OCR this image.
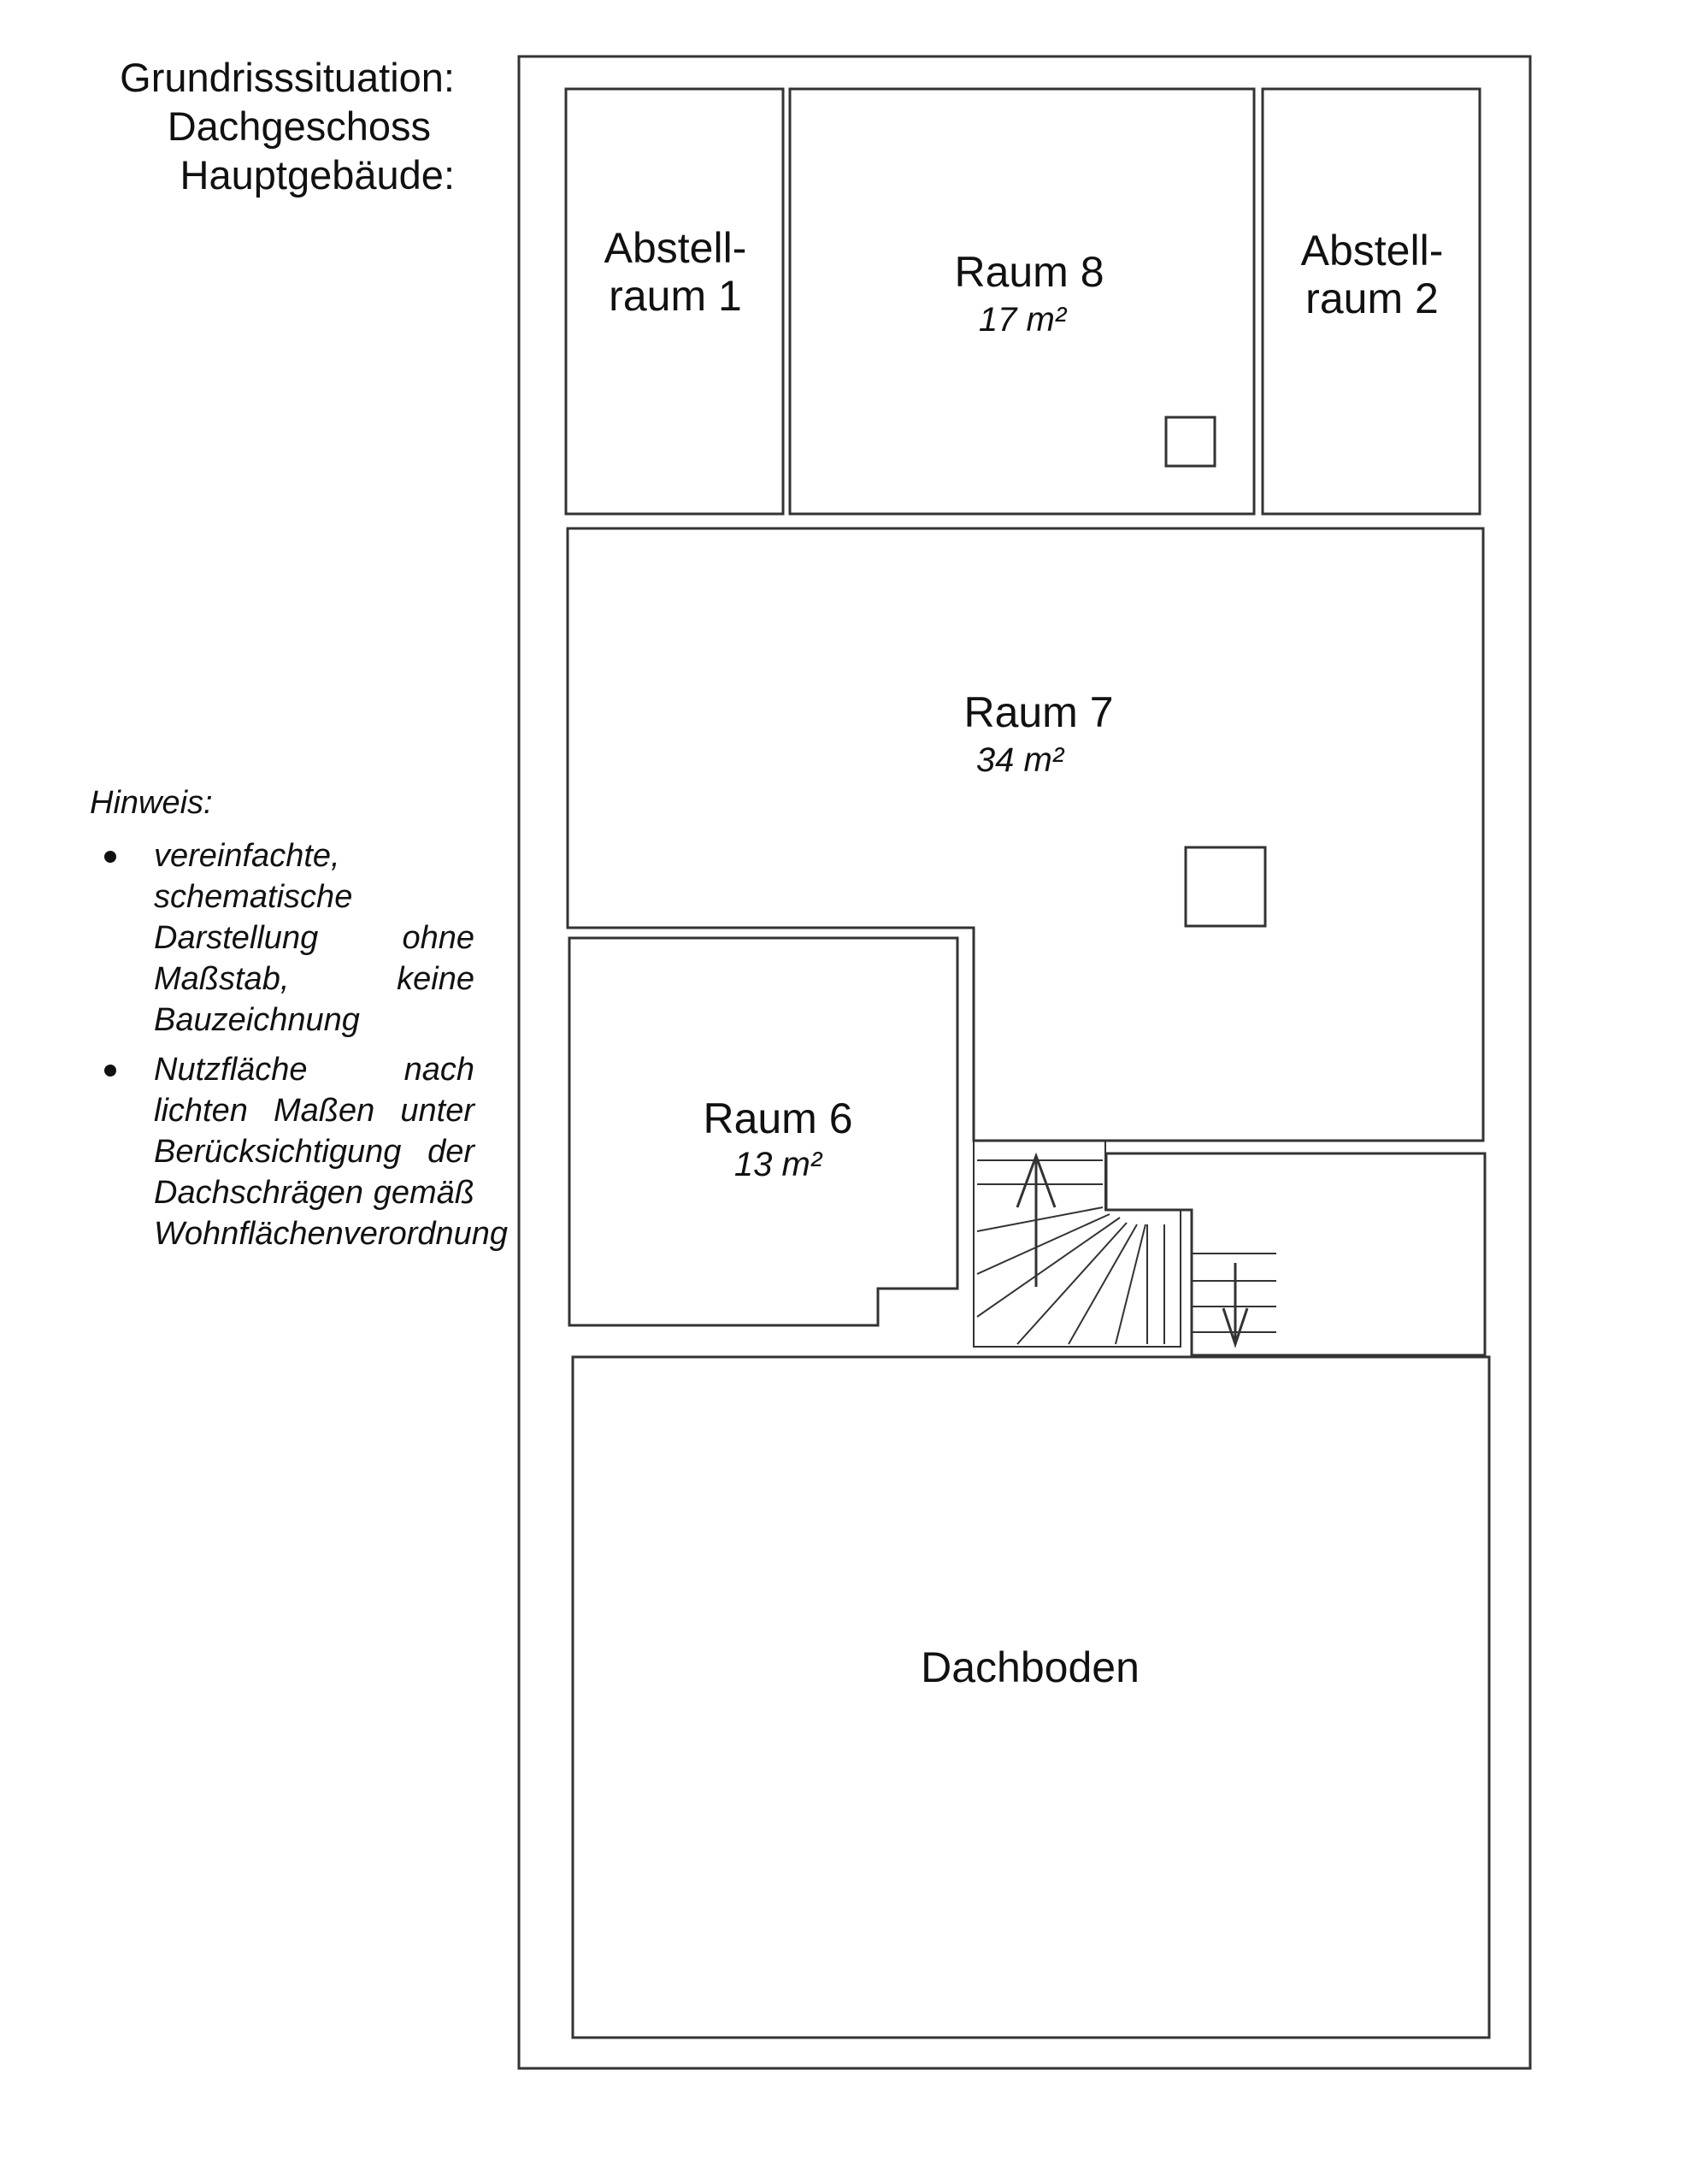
Grundrisssituation:
Dachgeschoss
Hauptgebäude:
Hinweis:
vereinfachte, schematische Darstellung ohne Maßstab, keine Bauzeichnung
Nutzfläche nach lichten Maßen unter Berücksichtigung der Dachschrägen gemäß Wohnflächenverordnung
Abstell-
raum 1	Raum 8
17 m²
Abstell-
raum 2
Raum 7
34 m²
Raum 6
13 m²
Dachboden
